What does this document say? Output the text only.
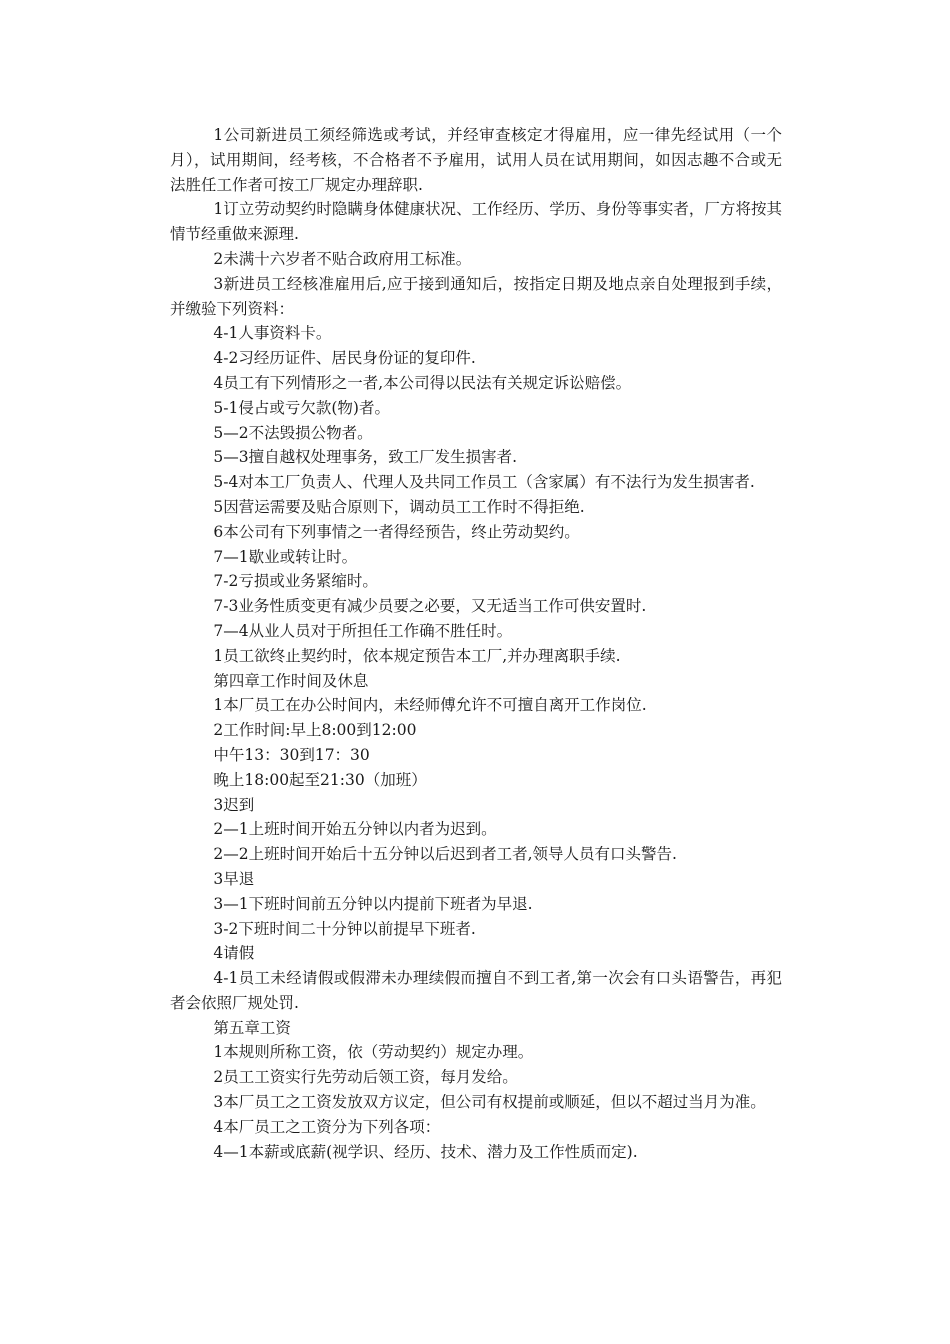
1公司新进员工须经筛选或考试，并经审查核定才得雇用，应一律先经试用（一个月），试用期间，经考核，不合格者不予雇用，试用人员在试用期间，如因志趣不合或无法胜任工作者可按工厂规定办理辞职.

1订立劳动契约时隐瞒身体健康状况、工作经历、学历、身份等事实者，厂方将按其情节经重做来源理.

2未满十六岁者不贴合政府用工标准。

3新进员工经核准雇用后,应于接到通知后，按指定日期及地点亲自处理报到手续，并缴验下列资料：

4-1人事资料卡。

4-2习经历证件、居民身份证的复印件.

4员工有下列情形之一者,本公司得以民法有关规定诉讼赔偿。

5-1侵占或亏欠款(物)者。

5—2不法毁损公物者。

5—3擅自越权处理事务，致工厂发生损害者.

5-4对本工厂负责人、代理人及共同工作员工（含家属）有不法行为发生损害者.

5因营运需要及贴合原则下，调动员工工作时不得拒绝.

6本公司有下列事情之一者得经预告，终止劳动契约。

7—1歇业或转让时。

7-2亏损或业务紧缩时。

7-3业务性质变更有减少员要之必要，又无适当工作可供安置时.

7—4从业人员对于所担任工作确不胜任时。

1员工欲终止契约时，依本规定预告本工厂,并办理离职手续.

第四章工作时间及休息

1本厂员工在办公时间内，未经师傅允许不可擅自离开工作岗位.

2工作时间:早上8:00到12:00

中午13：30到17：30

晚上18:00起至21:30（加班）

3迟到

2—1上班时间开始五分钟以内者为迟到。

2—2上班时间开始后十五分钟以后迟到者工者,领导人员有口头警告.

3早退

3—1下班时间前五分钟以内提前下班者为早退.

3-2下班时间二十分钟以前提早下班者.

4请假

4-1员工未经请假或假滞未办理续假而擅自不到工者,第一次会有口头语警告，再犯者会依照厂规处罚.

第五章工资

1本规则所称工资，依（劳动契约）规定办理。

2员工工资实行先劳动后领工资，每月发给。

3本厂员工之工资发放双方议定，但公司有权提前或顺延，但以不超过当月为准。

4本厂员工之工资分为下列各项：

4—1本薪或底薪(视学识、经历、技术、潜力及工作性质而定).
